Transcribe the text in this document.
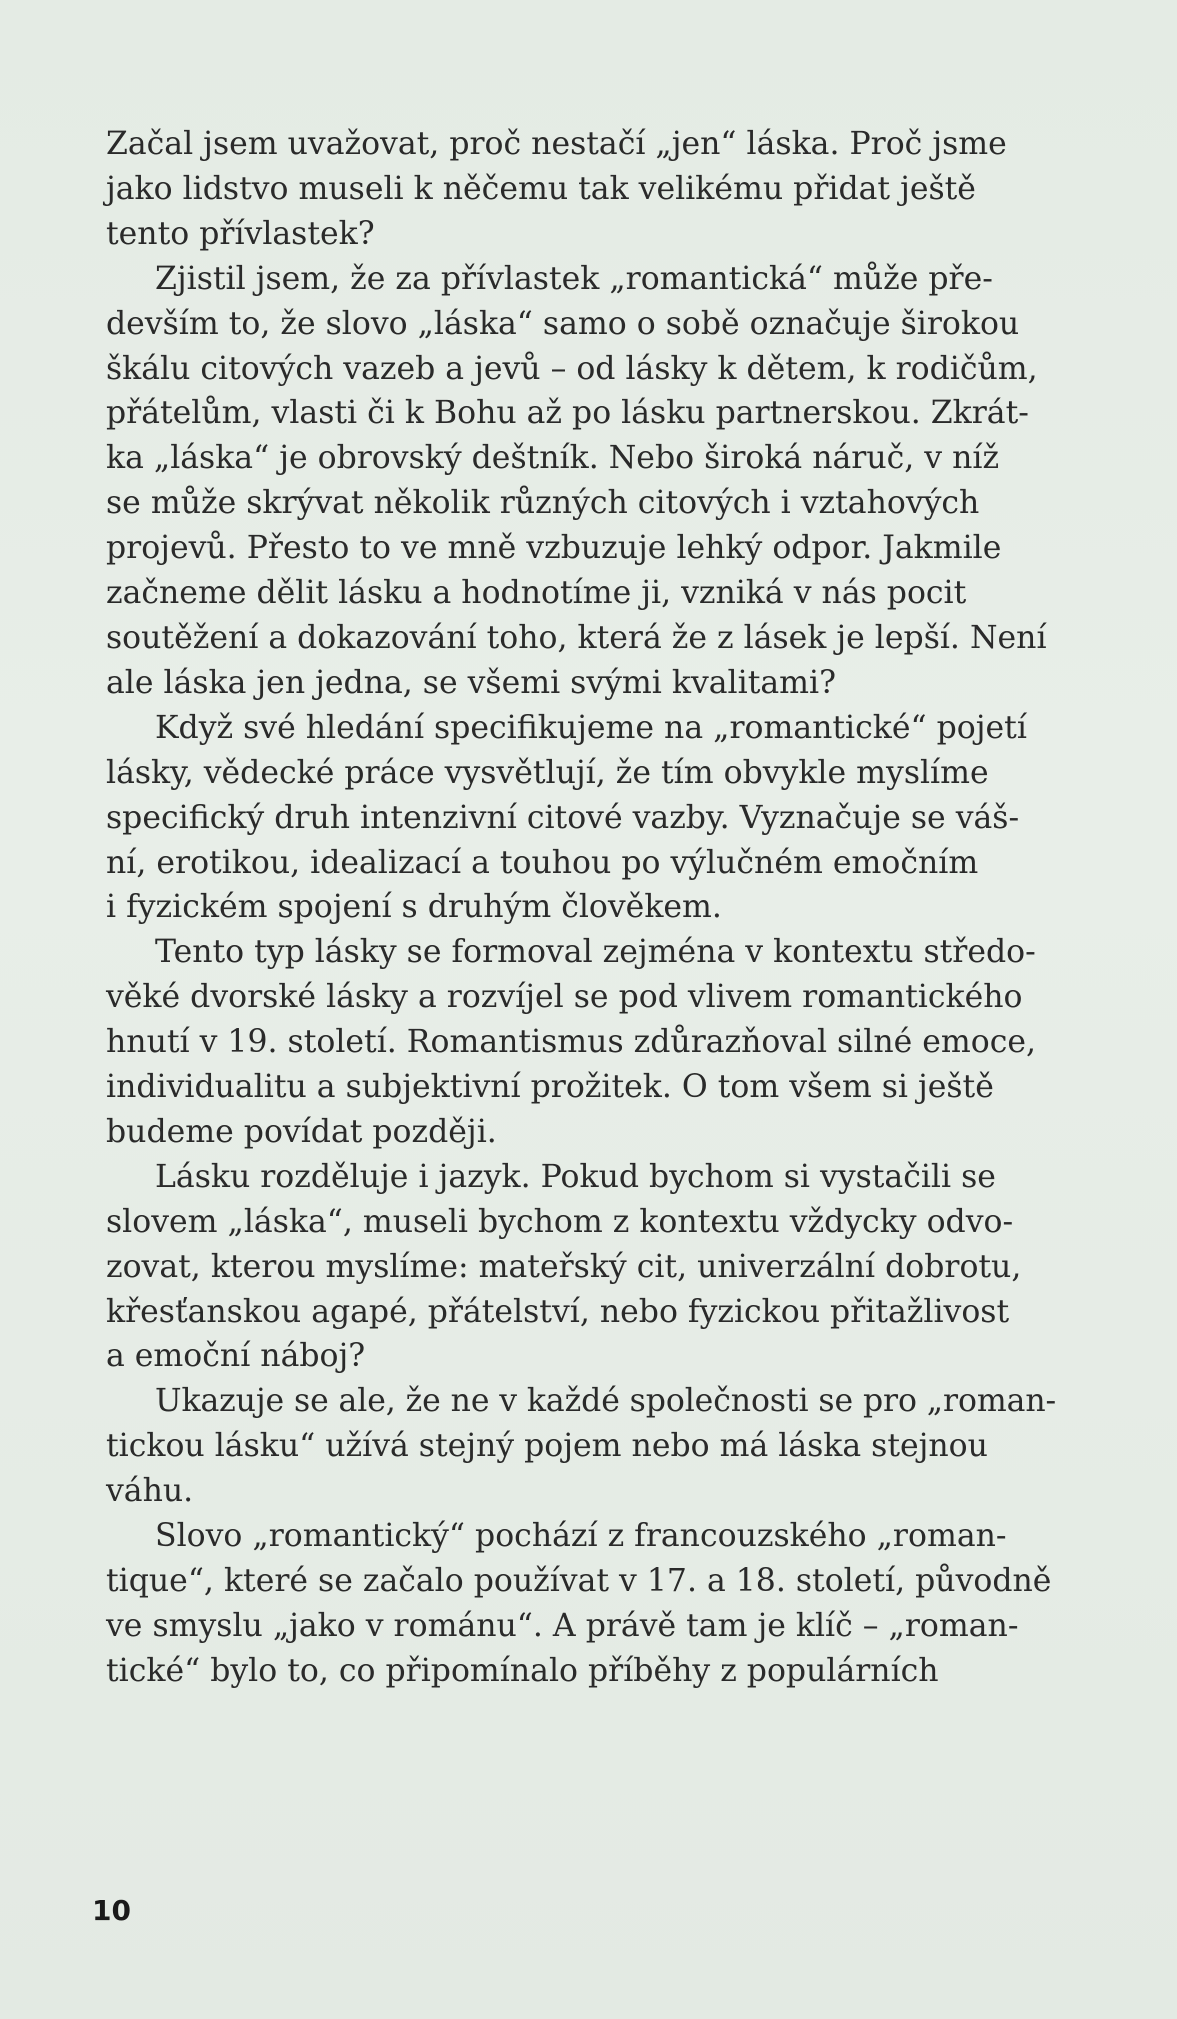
Začal jsem uvažovat, proč nestačí „jen“ láska. Proč jsme
jako lidstvo museli k něčemu tak velikému přidat ještě
tento přívlastek?
Zjistil jsem, že za přívlastek „romantická“ může pře-
devším to, že slovo „láska“ samo o sobě označuje širokou
škálu citových vazeb a jevů – od lásky k dětem, k rodičům,
přátelům, vlasti či k Bohu až po lásku partnerskou. Zkrát-
ka „láska“ je obrovský deštník. Nebo široká náruč, v níž
se může skrývat několik různých citových i vztahových
projevů. Přesto to ve mně vzbuzuje lehký odpor. Jakmile
začneme dělit lásku a hodnotíme ji, vzniká v nás pocit
soutěžení a dokazování toho, která že z lásek je lepší. Není
ale láska jen jedna, se všemi svými kvalitami?
Když své hledání specifikujeme na „romantické“ pojetí
lásky, vědecké práce vysvětlují, že tím obvykle myslíme
specifický druh intenzivní citové vazby. Vyznačuje se váš-
ní, erotikou, idealizací a touhou po výlučném emočním
i fyzickém spojení s druhým člověkem.
Tento typ lásky se formoval zejména v kontextu středo-
věké dvorské lásky a rozvíjel se pod vlivem romantického
hnutí v 19. století. Romantismus zdůrazňoval silné emoce,
individualitu a subjektivní prožitek. O tom všem si ještě
budeme povídat později.
Lásku rozděluje i jazyk. Pokud bychom si vystačili se
slovem „láska“, museli bychom z kontextu vždycky odvo-
zovat, kterou myslíme: mateřský cit, univerzální dobrotu,
křesťanskou agapé, přátelství, nebo fyzickou přitažlivost
a emoční náboj?
Ukazuje se ale, že ne v každé společnosti se pro „roman-
tickou lásku“ užívá stejný pojem nebo má láska stejnou
váhu.
Slovo „romantický“ pochází z francouzského „roman-
tique“, které se začalo používat v 17. a 18. století, původně
ve smyslu „jako v románu“. A právě tam je klíč – „roman-
tické“ bylo to, co připomínalo příběhy z populárních
10
